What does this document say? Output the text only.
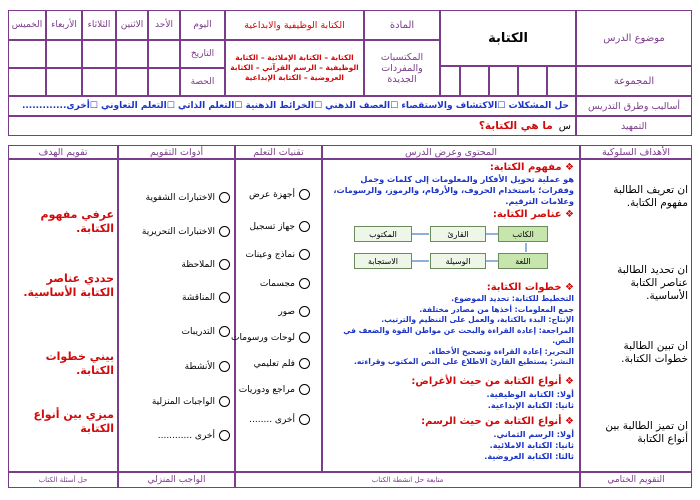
موضوع الدرس
الكتابة
المادة
المكتسبات والمفردات الجديدة
الكتابة الوظيفية والابداعية
الكتابة – الكتابة الإملائية – الكتابة الوظيفية – الرسم القرآني – الكتابة العروضية – الكتابة الإبداعية
اليوم
التاريخ
الحصة
الأحد
الاثنين
الثلاثاء
الأربعاء
الخميس
المجموعة
أساليب وطرق التدريس
حل المشكلات ☐الاكتشاف والاستقصاء ☐العصف الذهني ☐الخرائط الذهنية ☐التعلم الذاتي ☐التعلم التعاوني ☐أخرى.............
التمهيد
س
ما هي الكتابة؟
الأهداف السلوكية
المحتوى وعرض الدرس
تقنيات التعلم
أدوات التقويم
تقويم الهدف
ان تعريف الطالبة مفهوم الكتابة.
ان تحديد الطالبة عناصر الكتابة الأساسية.
ان تبين الطالبة خطوات الكتابة.
ان تميز الطالبة بين أنواع الكتابة
❖ مفهوم الكتابة:
هو عملية تحويل الأفكار والمعلومات إلى كلمات وجمل وفقرات؛ باستخدام الحروف، والأرقام، والرموز، والرسومات، وعلامات الترقيم.
❖ عناصر الكتابة:
الكاتب
القارئ
المكتوب
اللغة
الوسيلة
الاستجابة
❖ خطوات الكتابة:
التخطيط للكتابة: تحديد الموضوع.
جمع المعلومات: أخذها من مصادر مختلفة.
الإنتاج: البدء بالكتابة، والعمل على التنظيم والترتيب.
المراجعة: إعادة القراءة والبحث عن مواطن القوة والضعف في النص.
التحرير: إعادة القراءة وتصحيح الأخطاء.
النشر: يستطيع القارئ الاطلاع على النص المكتوب وقراءته.
❖ أنواع الكتابة من حيث الأغراض:
أولا: الكتابة الوظيفية.
ثانيا: الكتابة الإبداعية.
❖ أنواع الكتابة من حيث الرسم:
أولا: الرسم الثماني.
ثانيا: الكتابة الاملائية.
ثالثا: الكتابة العروضية.
أجهزة عرض
جهاز تسجيل
نماذج وعينات
مجسمات
صور
لوحات ورسومات
فلم تعليمي
مراجع ودوريات
أخرى ........
الاختبارات الشفوية
الاختبارات التحريرية
الملاحظة
المناقشة
التدريبات
الأنشطة
الواجبات المنزلية
أخرى ............
عرفي مفهوم الكتابة.
حددي عناصر الكتابة الأساسية.
بيني خطوات الكتابة.
ميزي بين أنواع الكتابة
التقويم الختامي
متابعة حل انشطة الكتاب
الواجب المنزلي
حل أسئلة الكتاب
